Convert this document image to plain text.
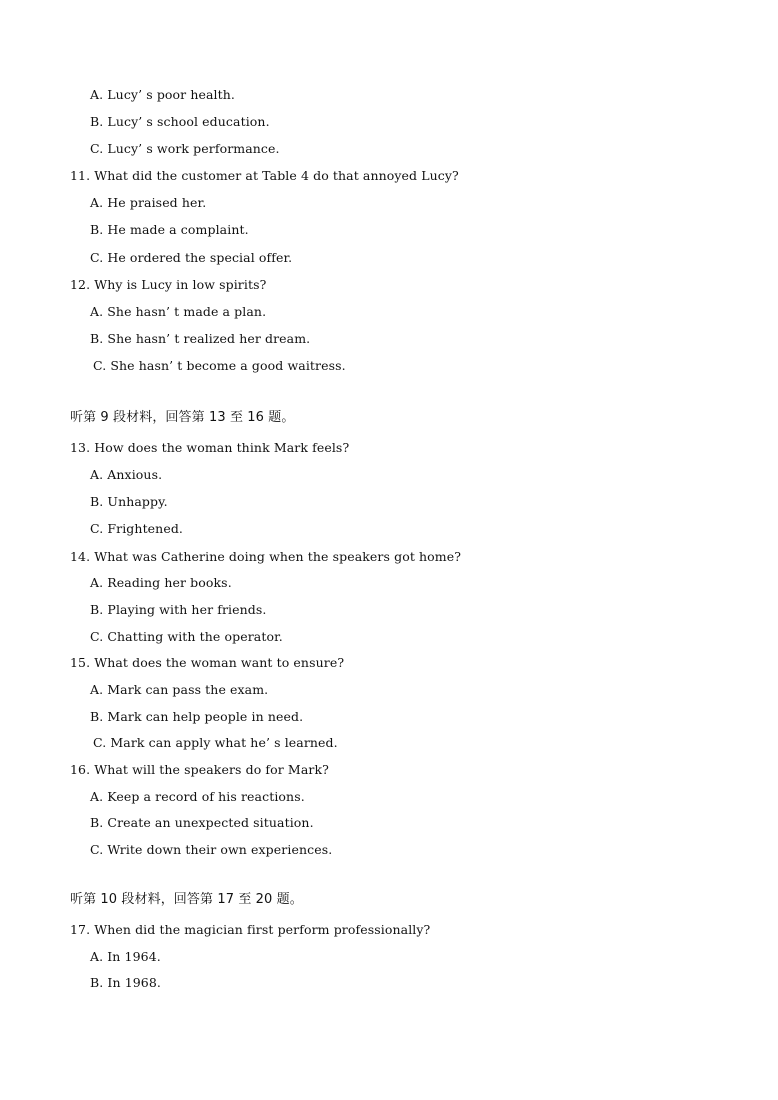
A. Lucy’ s poor health.
B. Lucy’ s school education.
C. Lucy’ s work performance.
11. What did the customer at Table 4 do that annoyed Lucy?
A. He praised her.
B. He made a complaint.
C. He ordered the special offer.
12. Why is Lucy in low spirits?
A. She hasn’ t made a plan.
B. She hasn’ t realized her dream.
C. She hasn’ t become a good waitress.
听第 9 段材料，回答第 13 至 16 题。
13. How does the woman think Mark feels?
A. Anxious.
B. Unhappy.
C. Frightened.
14. What was Catherine doing when the speakers got home?
A. Reading her books.
B. Playing with her friends.
C. Chatting with the operator.
15. What does the woman want to ensure?
A. Mark can pass the exam.
B. Mark can help people in need.
C. Mark can apply what he’ s learned.
16. What will the speakers do for Mark?
A. Keep a record of his reactions.
B. Create an unexpected situation.
C. Write down their own experiences.
听第 10 段材料，回答第 17 至 20 题。
17. When did the magician first perform professionally?
A. In 1964.
B. In 1968.
